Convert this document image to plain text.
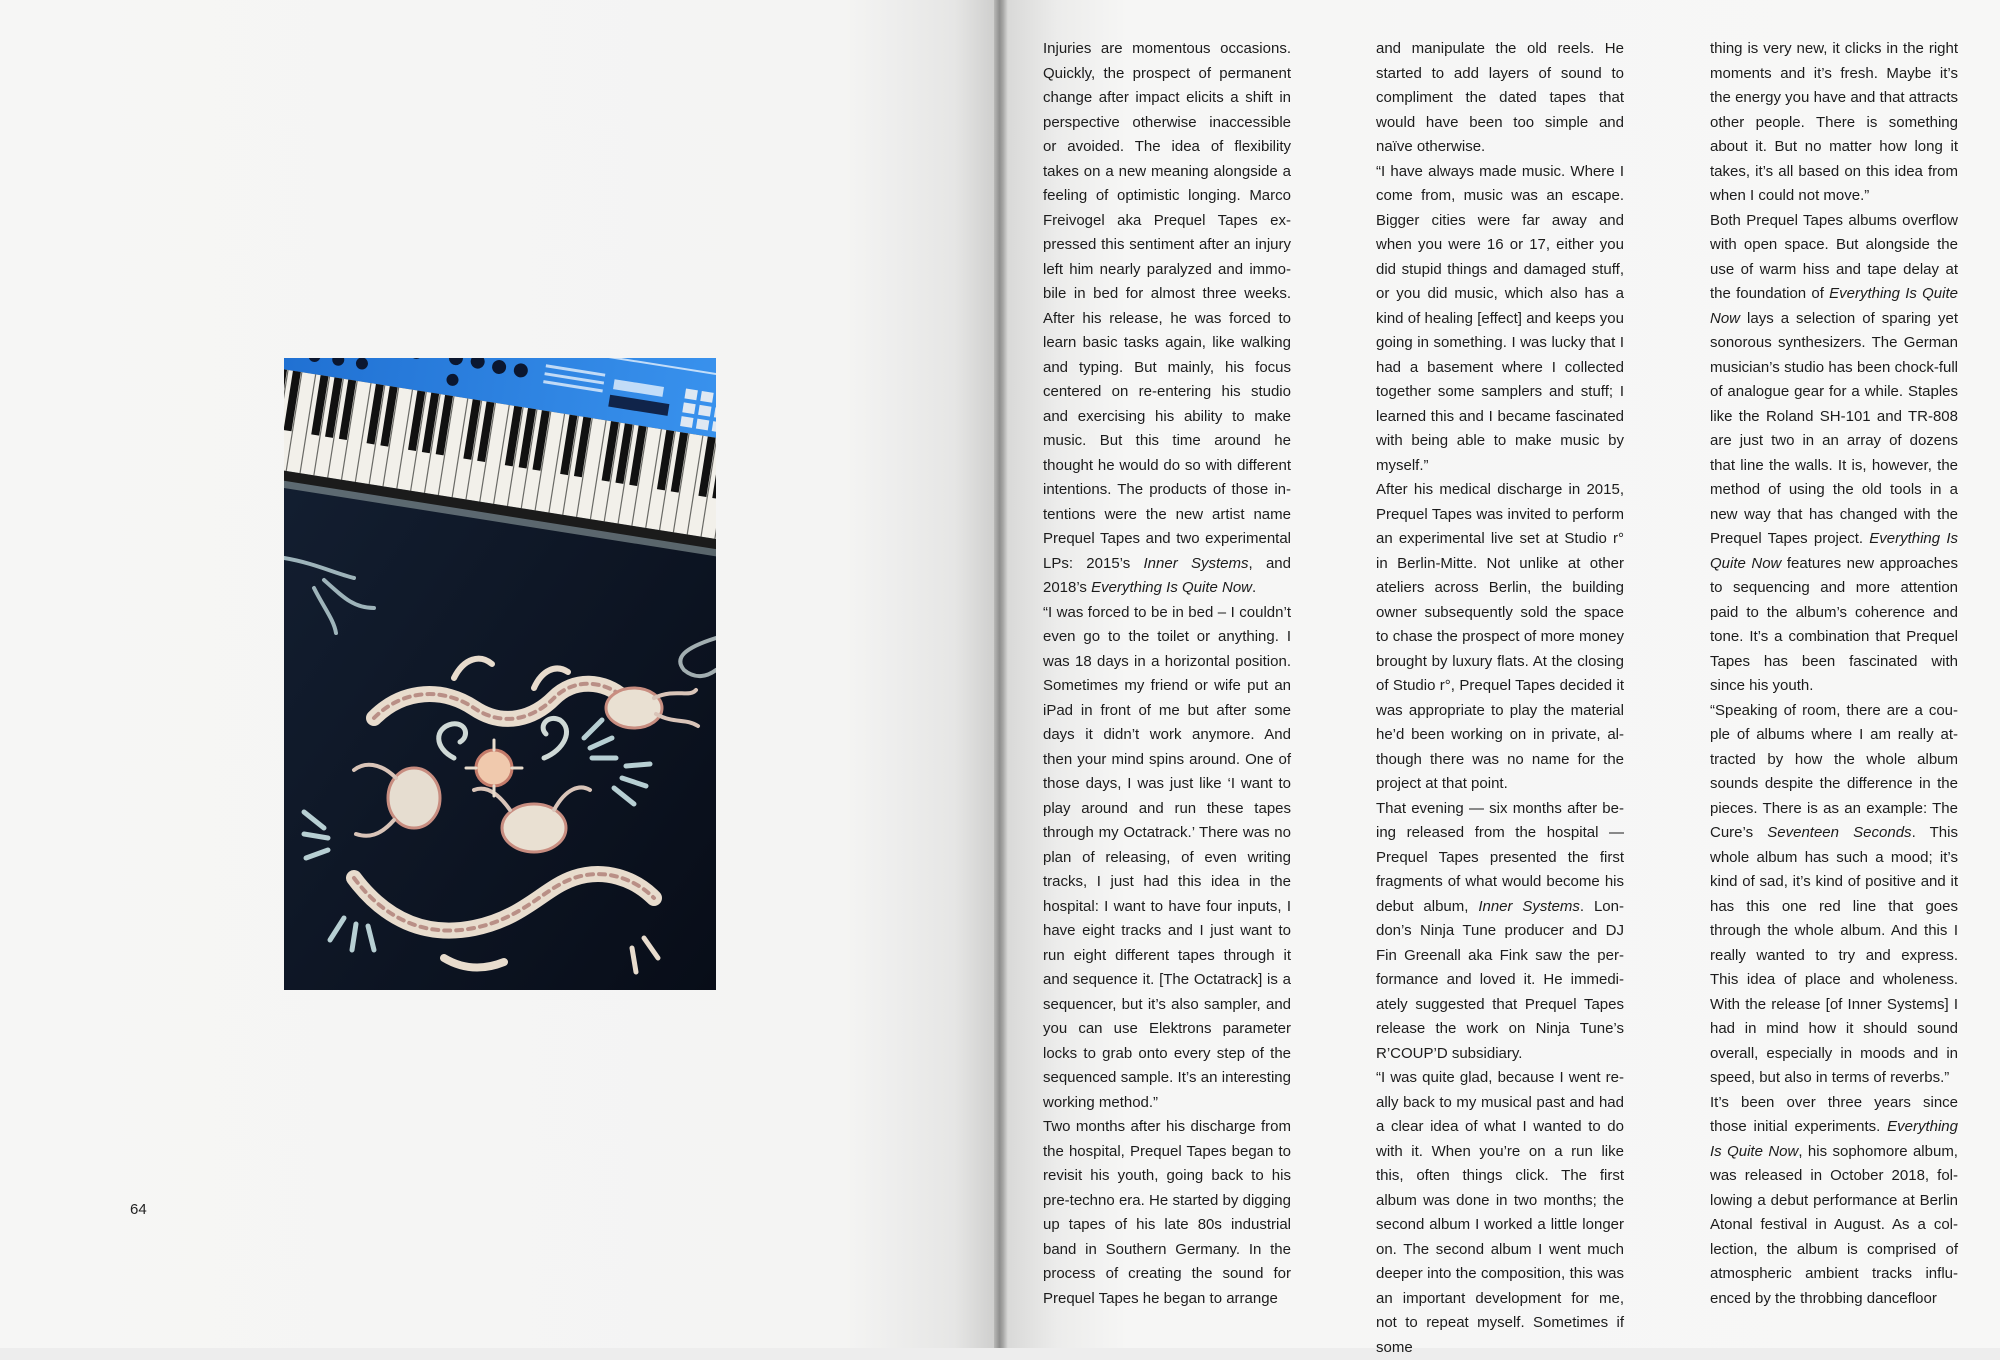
64

Injuries are momentous occasions. Quickly, the prospect of permanent change after impact elicits a shift in perspective otherwise inaccessible or avoided. The idea of flexibility takes on a new meaning alongside a feeling of optimistic longing. Marco Freivogel aka Prequel Tapes expressed this sentiment after an injury left him nearly paralyzed and immobile in bed for almost three weeks. After his release, he was forced to learn basic tasks again, like walking and typing. But mainly, his focus centered on re-entering his studio and exercising his ability to make music. But this time around he thought he would do so with different intentions. The products of those intentions were the new artist name Prequel Tapes and two experimental LPs: 2015’s Inner Systems, and 2018’s Everything Is Quite Now.

“I was forced to be in bed – I couldn’t even go to the toilet or anything. I was 18 days in a horizontal position. Sometimes my friend or wife put an iPad in front of me but after some days it didn’t work anymore. And then your mind spins around. One of those days, I was just like ‘I want to play around and run these tapes through my Octatrack.’ There was no plan of releasing, of even writing tracks, I just had this idea in the hospital: I want to have four inputs, I have eight tracks and I just want to run eight different tapes through it and sequence it. [The Octatrack] is a sequencer, but it’s also sampler, and you can use Elektrons parameter locks to grab onto every step of the sequenced sample. It’s an interesting working method.”

Two months after his discharge from the hospital, Prequel Tapes began to revisit his youth, going back to his pre-techno era. He started by digging up tapes of his late 80s industrial band in Southern Germany. In the process of creating the sound for Prequel Tapes he began to arrange

and manipulate the old reels. He started to add layers of sound to compliment the dated tapes that would have been too simple and naïve otherwise.

“I have always made music. Where I come from, music was an escape. Bigger cities were far away and when you were 16 or 17, either you did stupid things and damaged stuff, or you did music, which also has a kind of healing [effect] and keeps you going in something. I was lucky that I had a basement where I collected together some samplers and stuff; I learned this and I became fascinated with being able to make music by myself.”

After his medical discharge in 2015, Prequel Tapes was invited to perform an experimental live set at Studio r° in Berlin-Mitte. Not unlike at other ateliers across Berlin, the building owner subsequently sold the space to chase the prospect of more money brought by luxury flats. At the closing of Studio r°, Prequel Tapes decided it was appropriate to play the material he’d been working on in private, although there was no name for the project at that point.

That evening — six months after being released from the hospital — Prequel Tapes presented the first fragments of what would become his debut album, Inner Systems. London’s Ninja Tune producer and DJ Fin Greenall aka Fink saw the performance and loved it. He immediately suggested that Prequel Tapes release the work on Ninja Tune’s R’COUP’D subsidiary.

“I was quite glad, because I went really back to my musical past and had a clear idea of what I wanted to do with it. When you’re on a run like this, often things click. The first album was done in two months; the second album I worked a little longer on. The second album I went much deeper into the composition, this was an important development for me, not to repeat myself. Sometimes if some

thing is very new, it clicks in the right moments and it’s fresh. Maybe it’s the energy you have and that attracts other people. There is something about it. But no matter how long it takes, it’s all based on this idea from when I could not move.”

Both Prequel Tapes albums overflow with open space. But alongside the use of warm hiss and tape delay at the foundation of Everything Is Quite Now lays a selection of sparing yet sonorous synthesizers. The German musician’s studio has been chock-full of analogue gear for a while. Staples like the Roland SH-101 and TR-808 are just two in an array of dozens that line the walls. It is, however, the method of using the old tools in a new way that has changed with the Prequel Tapes project. Everything Is Quite Now features new approaches to sequencing and more attention paid to the album’s coherence and tone. It’s a combination that Prequel Tapes has been fascinated with since his youth.

“Speaking of room, there are a couple of albums where I am really attracted by how the whole album sounds despite the difference in the pieces. There is as an example: The Cure’s Seventeen Seconds. This whole album has such a mood; it’s kind of sad, it’s kind of positive and it has this one red line that goes through the whole album. And this I really wanted to try and express. This idea of place and wholeness. With the release [of Inner Systems] I had in mind how it should sound overall, especially in moods and in speed, but also in terms of reverbs.”

It’s been over three years since those initial experiments. Everything Is Quite Now, his sophomore album, was released in October 2018, following a debut performance at Berlin Atonal festival in August. As a collection, the album is comprised of atmospheric ambient tracks influenced by the throbbing dancefloor
